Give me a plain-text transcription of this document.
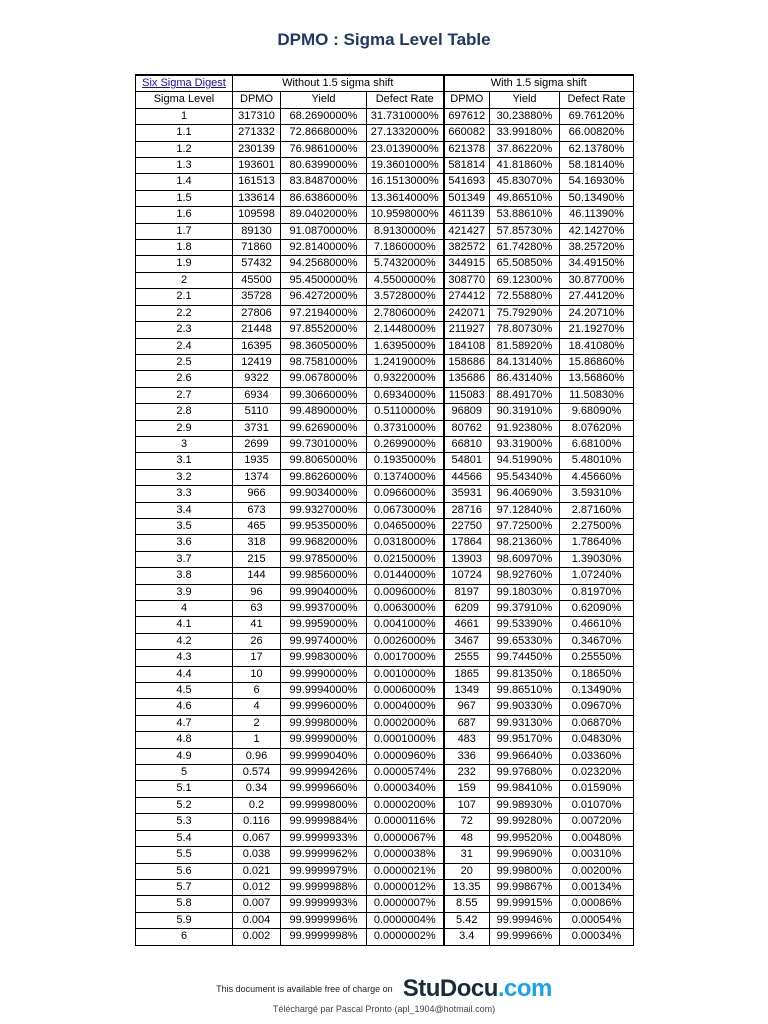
DPMO : Sigma Level Table
Six Sigma Digest	Without 1.5 sigma shift			With 1.5 sigma shift		
Sigma Level	DPMO	Yield	Defect Rate	DPMO	Yield	Defect Rate
1	317310	68.2690000%	31.7310000%	697612	30.23880%	69.76120%
1.1	271332	72.8668000%	27.1332000%	660082	33.99180%	66.00820%
1.2	230139	76.9861000%	23.0139000%	621378	37.86220%	62.13780%
1.3	193601	80.6399000%	19.3601000%	581814	41.81860%	58.18140%
1.4	161513	83.8487000%	16.1513000%	541693	45.83070%	54.16930%
1.5	133614	86.6386000%	13.3614000%	501349	49.86510%	50.13490%
1.6	109598	89.0402000%	10.9598000%	461139	53.88610%	46.11390%
1.7	89130	91.0870000%	8.9130000%	421427	57.85730%	42.14270%
1.8	71860	92.8140000%	7.1860000%	382572	61.74280%	38.25720%
1.9	57432	94.2568000%	5.7432000%	344915	65.50850%	34.49150%
2	45500	95.4500000%	4.5500000%	308770	69.12300%	30.87700%
2.1	35728	96.4272000%	3.5728000%	274412	72.55880%	27.44120%
2.2	27806	97.2194000%	2.7806000%	242071	75.79290%	24.20710%
2.3	21448	97.8552000%	2.1448000%	211927	78.80730%	21.19270%
2.4	16395	98.3605000%	1.6395000%	184108	81.58920%	18.41080%
2.5	12419	98.7581000%	1.2419000%	158686	84.13140%	15.86860%
2.6	9322	99.0678000%	0.9322000%	135686	86.43140%	13.56860%
2.7	6934	99.3066000%	0.6934000%	115083	88.49170%	11.50830%
2.8	5110	99.4890000%	0.5110000%	96809	90.31910%	9.68090%
2.9	3731	99.6269000%	0.3731000%	80762	91.92380%	8.07620%
3	2699	99.7301000%	0.2699000%	66810	93.31900%	6.68100%
3.1	1935	99.8065000%	0.1935000%	54801	94.51990%	5.48010%
3.2	1374	99.8626000%	0.1374000%	44566	95.54340%	4.45660%
3.3	966	99.9034000%	0.0966000%	35931	96.40690%	3.59310%
3.4	673	99.9327000%	0.0673000%	28716	97.12840%	2.87160%
3.5	465	99.9535000%	0.0465000%	22750	97.72500%	2.27500%
3.6	318	99.9682000%	0.0318000%	17864	98.21360%	1.78640%
3.7	215	99.9785000%	0.0215000%	13903	98.60970%	1.39030%
3.8	144	99.9856000%	0.0144000%	10724	98.92760%	1.07240%
3.9	96	99.9904000%	0.0096000%	8197	99.18030%	0.81970%
4	63	99.9937000%	0.0063000%	6209	99.37910%	0.62090%
4.1	41	99.9959000%	0.0041000%	4661	99.53390%	0.46610%
4.2	26	99.9974000%	0.0026000%	3467	99.65330%	0.34670%
4.3	17	99.9983000%	0.0017000%	2555	99.74450%	0.25550%
4.4	10	99.9990000%	0.0010000%	1865	99.81350%	0.18650%
4.5	6	99.9994000%	0.0006000%	1349	99.86510%	0.13490%
4.6	4	99.9996000%	0.0004000%	967	99.90330%	0.09670%
4.7	2	99.9998000%	0.0002000%	687	99.93130%	0.06870%
4.8	1	99.9999000%	0.0001000%	483	99.95170%	0.04830%
4.9	0.96	99.9999040%	0.0000960%	336	99.96640%	0.03360%
5	0.574	99.9999426%	0.0000574%	232	99.97680%	0.02320%
5.1	0.34	99.9999660%	0.0000340%	159	99.98410%	0.01590%
5.2	0.2	99.9999800%	0.0000200%	107	99.98930%	0.01070%
5.3	0.116	99.9999884%	0.0000116%	72	99.99280%	0.00720%
5.4	0.067	99.9999933%	0.0000067%	48	99.99520%	0.00480%
5.5	0.038	99.9999962%	0.0000038%	31	99.99690%	0.00310%
5.6	0.021	99.9999979%	0.0000021%	20	99.99800%	0.00200%
5.7	0.012	99.9999988%	0.0000012%	13.35	99.99867%	0.00134%
5.8	0.007	99.9999993%	0.0000007%	8.55	99.99915%	0.00086%
5.9	0.004	99.9999996%	0.0000004%	5.42	99.99946%	0.00054%
6	0.002	99.9999998%	0.0000002%	3.4	99.99966%	0.00034%
This document is available free of charge on StuDocu.com
Téléchargé par Pascal Pronto (apl_1904@hotmail.com)
